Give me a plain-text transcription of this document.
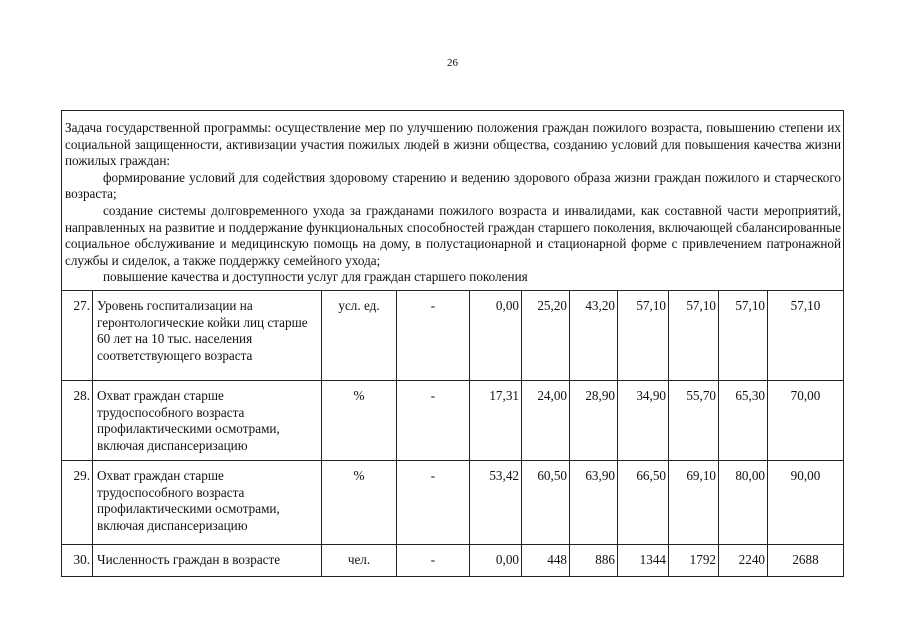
26

Задача государственной программы: осуществление мер по улучшению положения граждан пожилого возраста, повышению степени их социальной защищенности, активизации участия пожилых людей в жизни общества, созданию условий для повышения качества жизни пожилых граждан:

формирование условий для содействия здоровому старению и ведению здорового образа жизни граждан пожилого и старческого возраста;

создание системы долговременного ухода за гражданами пожилого возраста и инвалидами, как составной части мероприятий, направленных на развитие и поддержание функциональных способностей граждан старшего поколения, включающей сбалансированные социальное обслуживание и медицинскую помощь на дому, в полустационарной и стационарной форме с привлечением патронажной службы и сиделок, а также поддержку семейного ухода;

повышение качества и доступности услуг для граждан старшего поколения										

27.	Уровень госпитализации на геронтологические койки лиц старше 60 лет на 10 тыс. населения соответствующего возраста	усл. ед.	-	0,00	25,20	43,20	57,10	57,10	57,10	57,10
28.	Охват граждан старше трудоспособного возраста профилактическими осмотрами, включая диспансеризацию	%	-	17,31	24,00	28,90	34,90	55,70	65,30	70,00
29.	Охват граждан старше трудоспособного возраста профилактическими осмотрами, включая диспансеризацию	%	-	53,42	60,50	63,90	66,50	69,10	80,00	90,00
30.	Численность граждан в возрасте	чел.	-	0,00	448	886	1344	1792	2240	2688
